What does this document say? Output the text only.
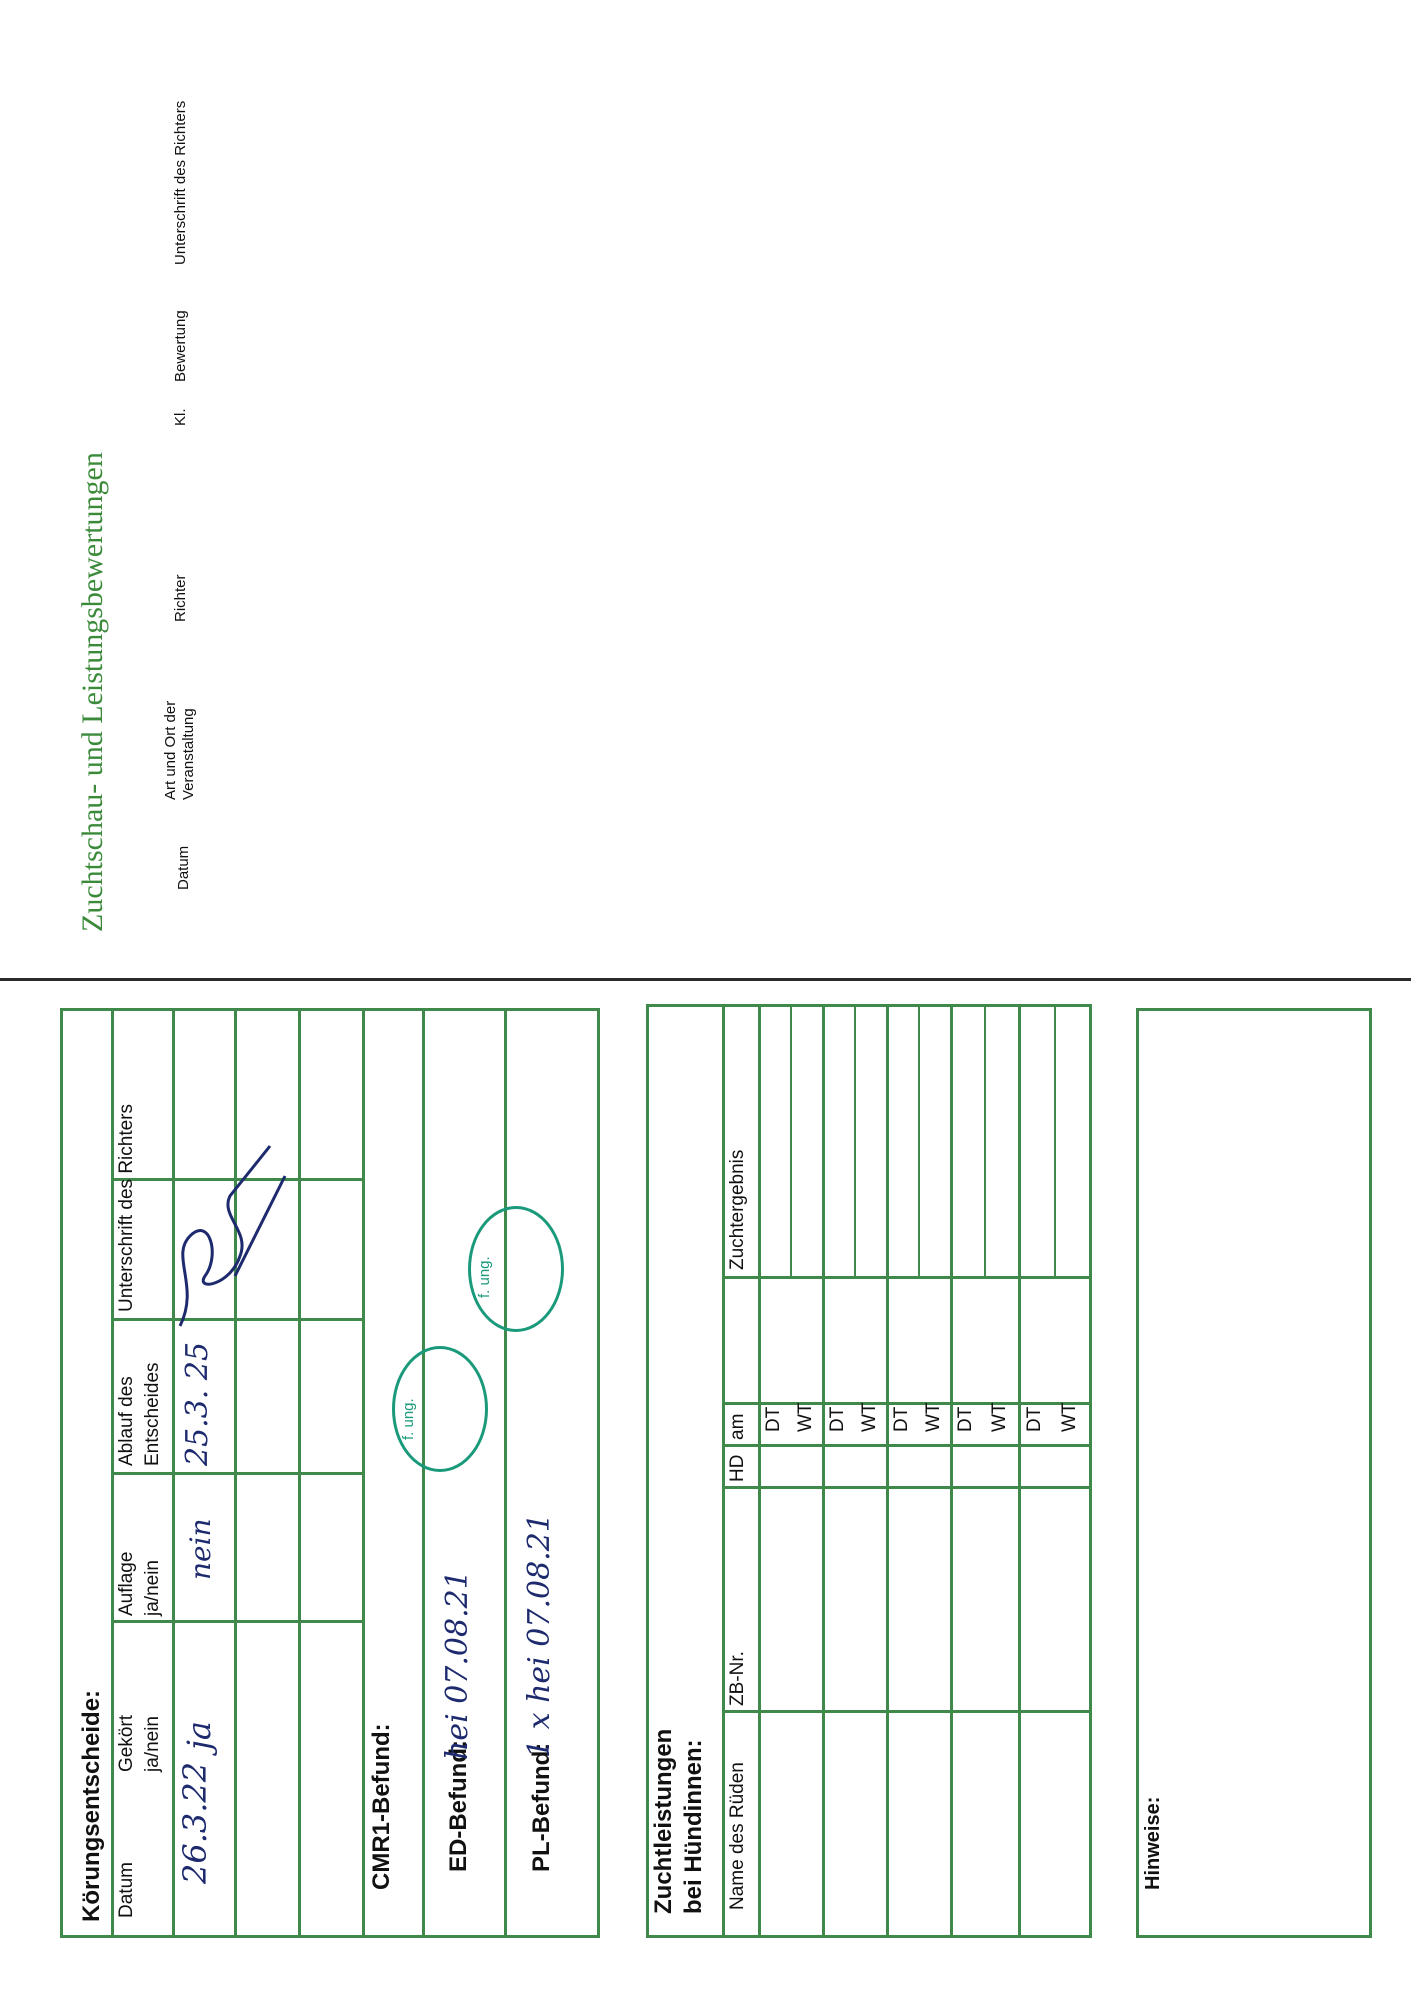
Zuchtschau- und Leistungsbewertungen	Datum
Art und Ort der Veranstaltung
Richter
Kl.
Bewertung
Unterschrift des Richters
Körungsentscheide: Datum
Gekört ja/nein
Auflage ja/nein
Ablauf des Entscheides
Unterschrift des Richters
26.3.22
ja
nein
25.3. 25
CMR1-Befund: ED-Befund:
hei 07.08.21
PL-Befund:
1 x hei 07.08.21
f. ung.
f. ung.
Zuchtleistungen bei Hündinnen: Name des Rüden
ZB-Nr.
HD
am
Zuchtergebnis
DT WT DT WT DT WT DT WT DT WT
Hinweise:
